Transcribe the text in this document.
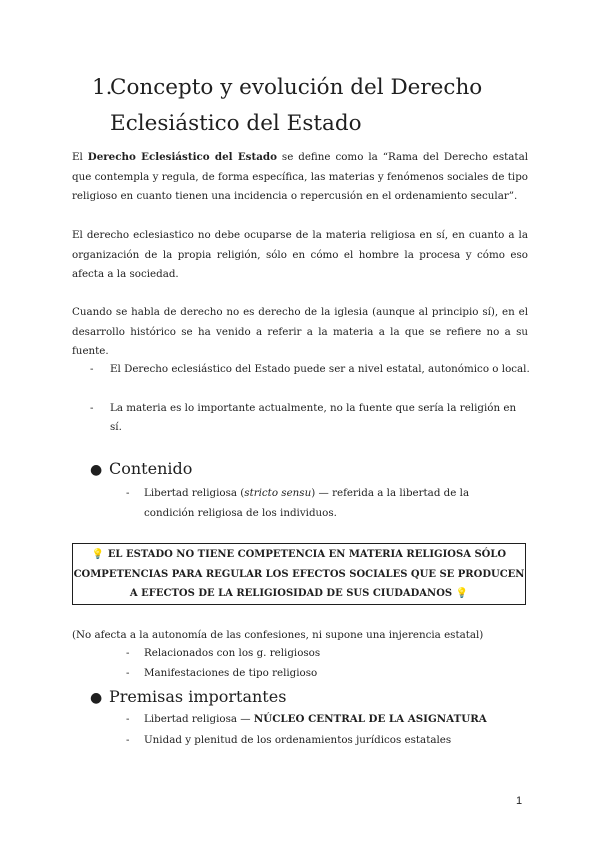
1.
Concepto y evolución del Derecho Eclesiástico del Estado

El Derecho Eclesiástico del Estado se define como la “Rama del Derecho estatal que contempla y regula, de forma específica, las materias y fenómenos sociales de tipo religioso en cuanto tienen una incidencia o repercusión en el ordenamiento secular”.

El derecho eclesiastico no debe ocuparse de la materia religiosa en sí, en cuanto a la organización de la propia religión, sólo en cómo el hombre la procesa y cómo eso afecta a la sociedad.

Cuando se habla de derecho no es derecho de la iglesia (aunque al principio sí), en el desarrollo histórico se ha venido a referir a la materia a la que se refiere no a su fuente.

-	El Derecho eclesiástico del Estado puede ser a nivel estatal, autonómico o local.
-	La materia es lo importante actualmente, no la fuente que sería la religión en sí.
● Contenido
-	Libertad religiosa (stricto sensu) — referida a la libertad de la condición religiosa de los individuos.
💡 EL ESTADO NO TIENE COMPETENCIA EN MATERIA RELIGIOSA SÓLO COMPETENCIAS PARA REGULAR LOS EFECTOS SOCIALES QUE SE PRODUCEN A EFECTOS DE LA RELIGIOSIDAD DE SUS CIUDADANOS 💡
(No afecta a la autonomía de las confesiones, ni supone una injerencia estatal)
-	Relacionados con los g. religiosos
-	Manifestaciones de tipo religioso
● Premisas importantes
-	Libertad religiosa — NÚCLEO CENTRAL DE LA ASIGNATURA
-	Unidad y plenitud de los ordenamientos jurídicos estatales
1
